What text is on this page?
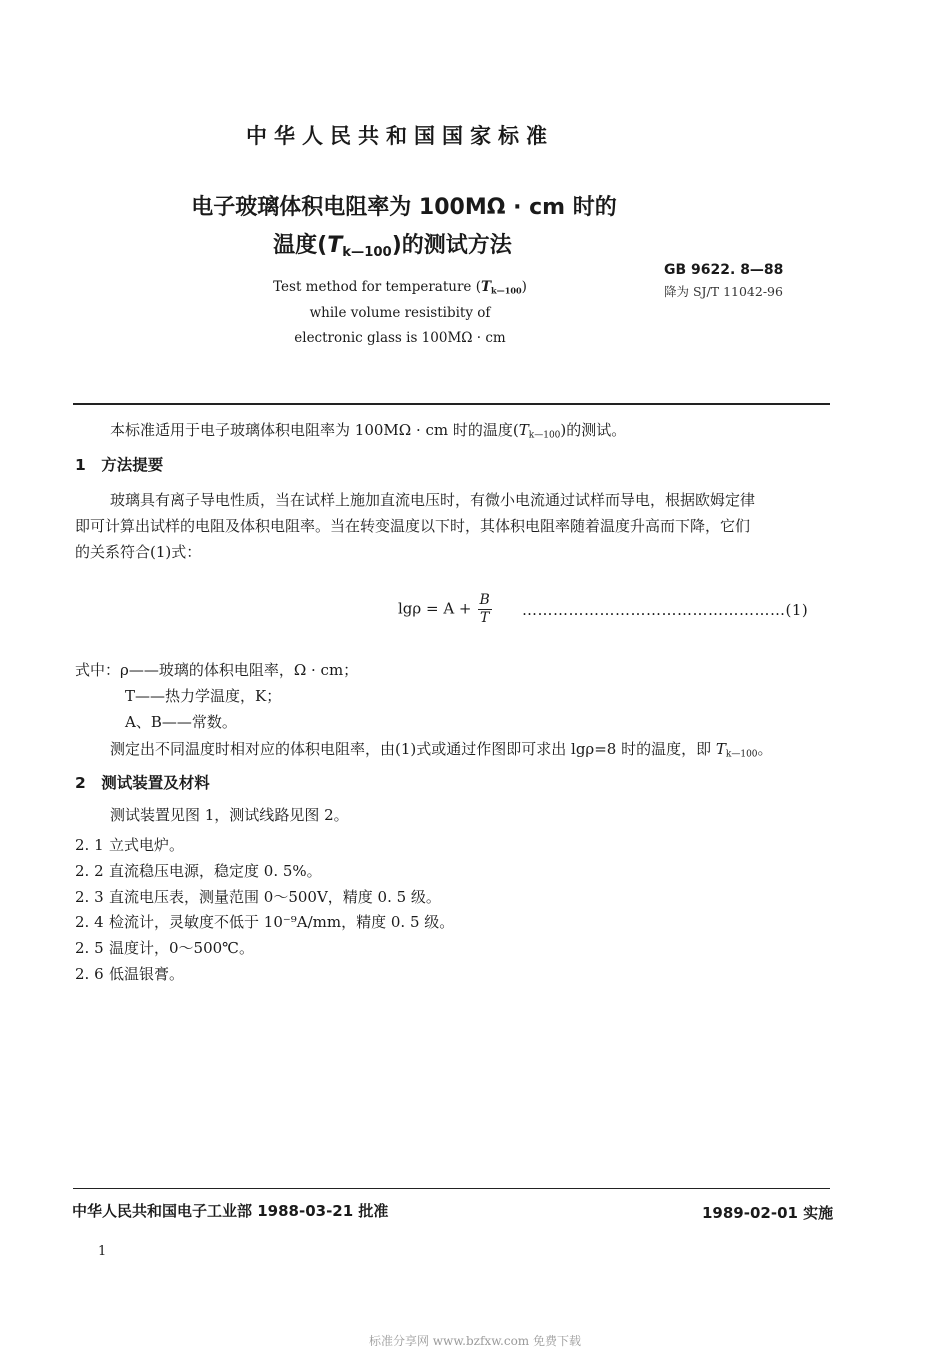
中华人民共和国国家标准
电子玻璃体积电阻率为 100MΩ · cm 时的
温度$(T_{k—100})$的测试方法
GB 9622. 8—88
降为 SJ/T 11042-96
Test method for temperature $(T_{k—100})$
while volume resistibity of
electronic glass is 100MΩ · cm
本标准适用于电子玻璃体积电阻率为 100MΩ · cm 时的温度$(T_{k—100})$的测试。
1　方法提要
玻璃具有离子导电性质，当在试样上施加直流电压时，有微小电流通过试样而导电，根据欧姆定律
即可计算出试样的电阻及体积电阻率。当在转变温度以下时，其体积电阻率随着温度升高而下降，它们
的关系符合(1)式：
$\lg\rho = A + \frac{B}{T}$	……………………………………………(1)
式中：ρ——玻璃的体积电阻率，Ω · cm；
T——热力学温度，K；
A、B——常数。
测定出不同温度时相对应的体积电阻率，由(1)式或通过作图即可求出 lgρ=8 时的温度，即 $T_{k—100}$。
2　测试装置及材料
测试装置见图 1，测试线路见图 2。
2. 1 立式电炉。
2. 2 直流稳压电源，稳定度 0. 5%。
2. 3 直流电压表，测量范围 0～500V，精度 0. 5 级。
2. 4 检流计，灵敏度不低于 10⁻⁹A/mm，精度 0. 5 级。
2. 5 温度计，0～500℃。
2. 6 低温银膏。
中华人民共和国电子工业部 1988-03-21 批准	1989-02-01 实施
1
标准分享网 www.bzfxw.com 免费下载
